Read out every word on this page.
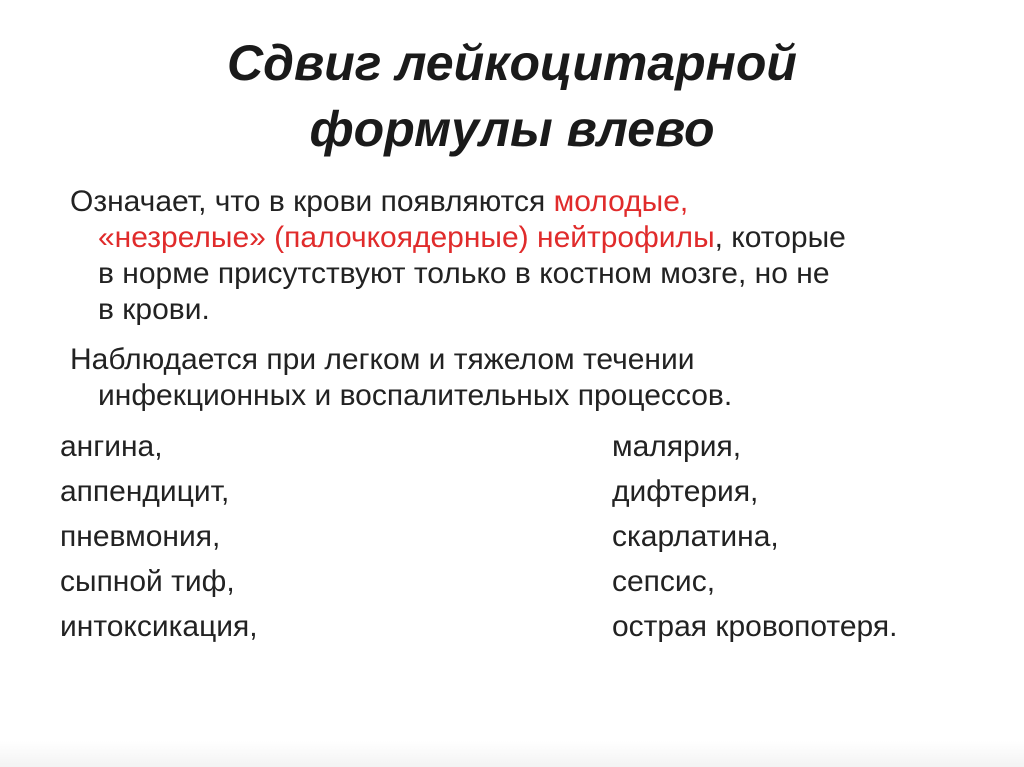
Сдвиг лейкоцитарной
формулы влево
Означает, что в крови появляются молодые,
«незрелые» (палочкоядерные) нейтрофилы, которые
в норме присутствуют только в костном мозге, но не
в крови.
Наблюдается при легком и тяжелом течении
инфекционных и воспалительных процессов.
ангина,
аппендицит,
пневмония,
сыпной тиф,
интоксикация,
малярия,
дифтерия,
скарлатина,
сепсис,
острая кровопотеря.
